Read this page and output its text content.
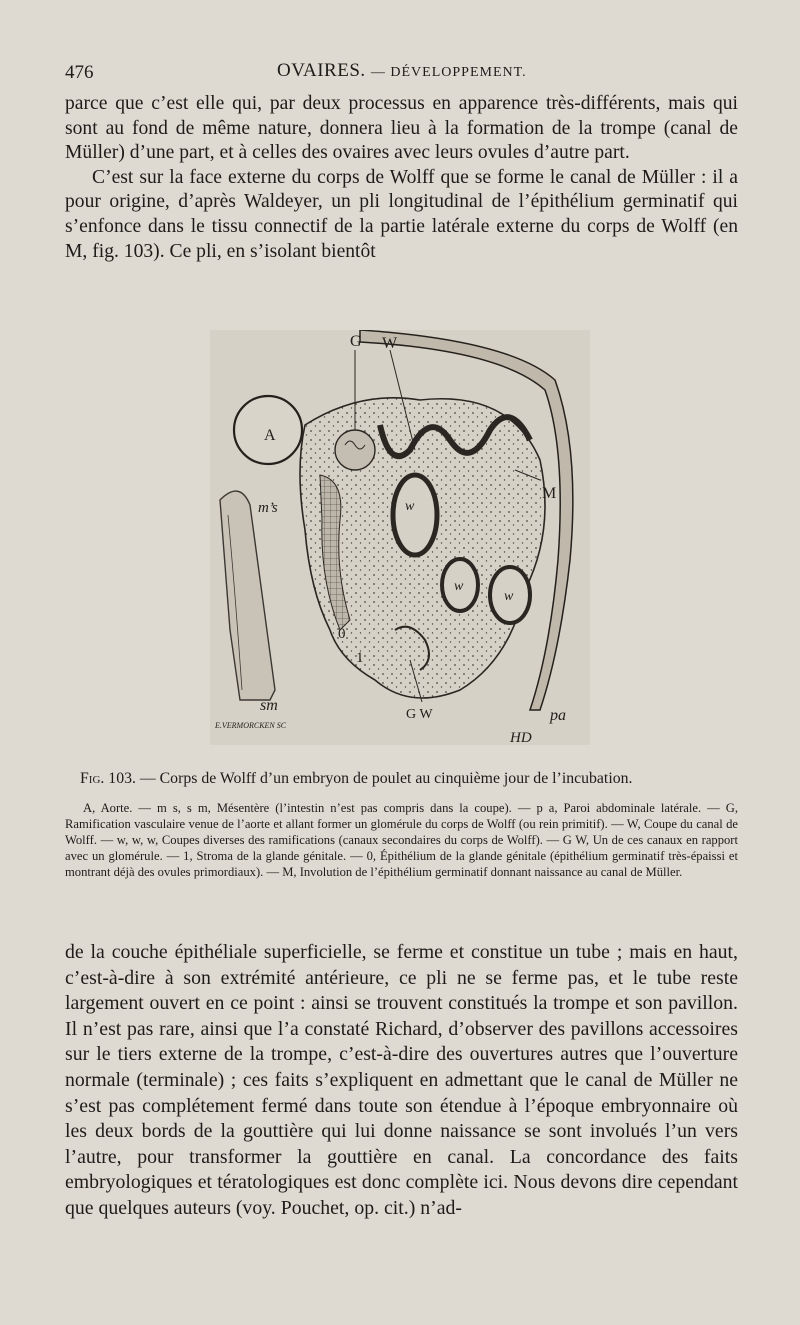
476	OVAIRES. — DÉVELOPPEMENT.

parce que c’est elle qui, par deux processus en apparence très-différents, mais qui sont au fond de même nature, donnera lieu à la formation de la trompe (canal de Müller) d’une part, et à celles des ovaires avec leurs ovules d’autre part.

C’est sur la face externe du corps de Wolff que se forme le canal de Müller : il a pour origine, d’après Waldeyer, un pli longitudinal de l’épithélium germinatif qui s’enfonce dans le tissu connectif de la partie latérale externe du corps de Wolff (en M, fig. 103). Ce pli, en s’isolant bientôt

G W
A
M
m’s	w
w
w
0
1
G W
sm
pa
E.VERMORCKEN SC
HD
Fig. 103. — Corps de Wolff d’un embryon de poulet au cinquième jour de l’incubation.

A, Aorte. — m s, s m, Mésentère (l’intestin n’est pas compris dans la coupe). — p a, Paroi abdominale latérale. — G, Ramification vasculaire venue de l’aorte et allant former un glomérule du corps de Wolff (ou rein primitif). — W, Coupe du canal de Wolff. — w, w, w, Coupes diverses des ramifications (canaux secondaires du corps de Wolff). — G W, Un de ces canaux en rapport avec un glomérule. — 1, Stroma de la glande génitale. — 0, Épithélium de la glande génitale (épithélium germinatif très-épaissi et montrant déjà des ovules primordiaux). — M, Involution de l’épithélium germinatif donnant naissance au canal de Müller.

de la couche épithéliale superficielle, se ferme et constitue un tube ; mais en haut, c’est-à-dire à son extrémité antérieure, ce pli ne se ferme pas, et le tube reste largement ouvert en ce point : ainsi se trouvent constitués la trompe et son pavillon. Il n’est pas rare, ainsi que l’a constaté Richard, d’observer des pavillons accessoires sur le tiers externe de la trompe, c’est-à-dire des ouvertures autres que l’ouverture normale (terminale) ; ces faits s’expliquent en admettant que le canal de Müller ne s’est pas complétement fermé dans toute son étendue à l’époque embryonnaire où les deux bords de la gouttière qui lui donne naissance se sont involués l’un vers l’autre, pour transformer la gouttière en canal. La concordance des faits embryologiques et tératologiques est donc complète ici. Nous devons dire cependant que quelques auteurs (voy. Pouchet, op. cit.) n’ad-
